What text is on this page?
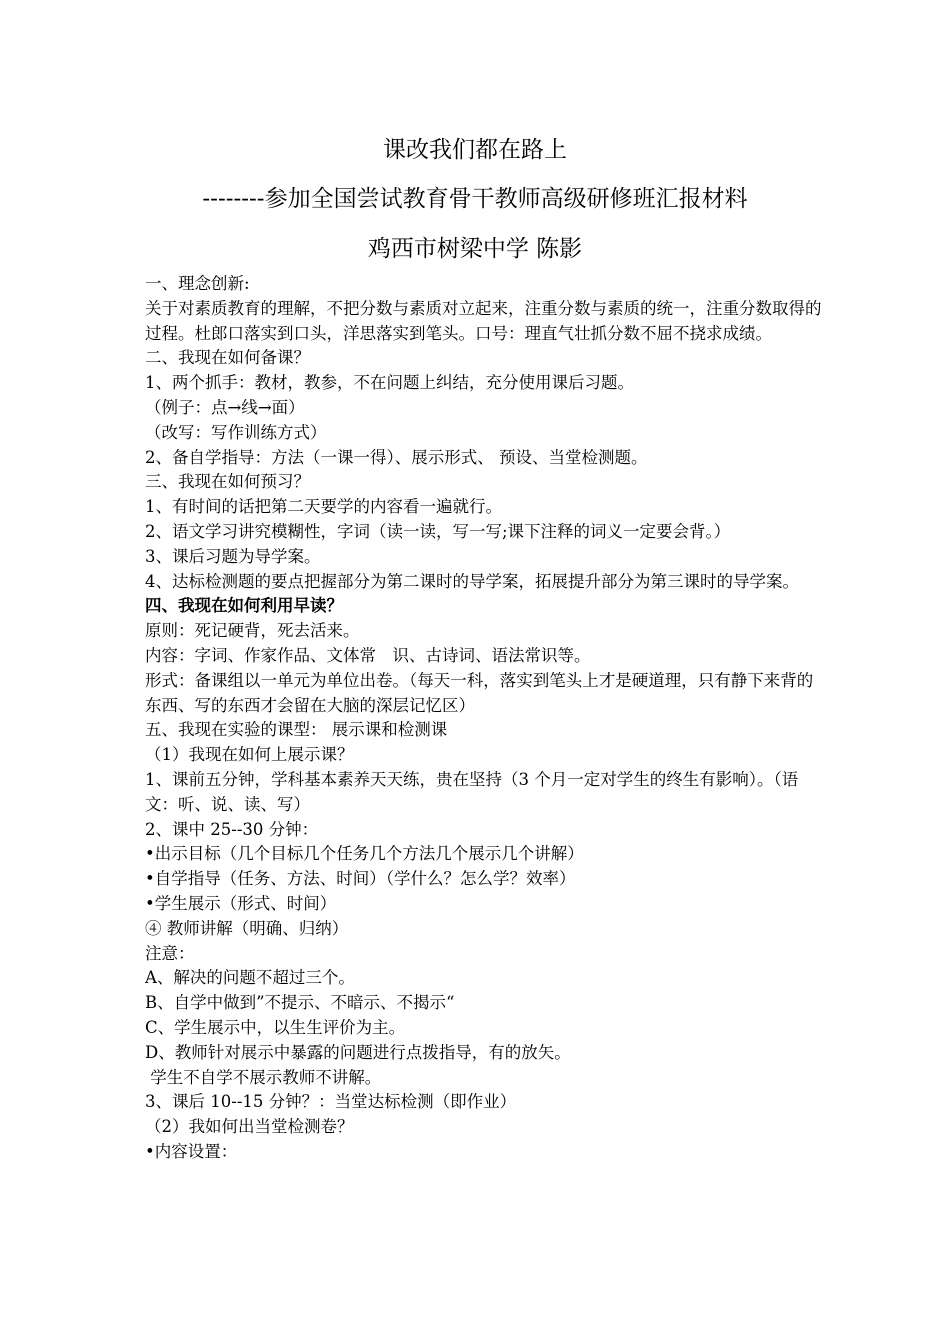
课改我们都在路上
--------参加全国尝试教育骨干教师高级研修班汇报材料
鸡西市树梁中学 陈影

一、理念创新:

关于对素质教育的理解，不把分数与素质对立起来，注重分数与素质的统一，注重分数取得的过程。杜郎口落实到口头，洋思落实到笔头。口号：理直气壮抓分数不屈不挠求成绩。

二、我现在如何备课？

1、两个抓手：教材，教参，不在问题上纠结，充分使用课后习题。

（例子：点→线→面）

（改写：写作训练方式）

2、备自学指导：方法（一课一得）、展示形式、 预设、当堂检测题。

三、我现在如何预习？

1、有时间的话把第二天要学的内容看一遍就行。

2、语文学习讲究模糊性，字词（读一读，写一写;课下注释的词义一定要会背。）

3、课后习题为导学案。

4、达标检测题的要点把握部分为第二课时的导学案，拓展提升部分为第三课时的导学案。

四、我现在如何利用早读？

原则：死记硬背，死去活来。

内容：字词、作家作品、文体常　识、古诗词、语法常识等。

形式：备课组以一单元为单位出卷。（每天一科，落实到笔头上才是硬道理，只有静下来背的东西、写的东西才会留在大脑的深层记忆区）

五、我现在实验的课型： 展示课和检测课

（1）我现在如何上展示课？

1、课前五分钟，学科基本素养天天练，贵在坚持（3 个月一定对学生的终生有影响）。（语文：听、说、读、写）

2、课中 25--30 分钟：

•出示目标（几个目标几个任务几个方法几个展示几个讲解）

•自学指导（任务、方法、时间）（学什么？怎么学？效率）

•学生展示（形式、时间）

④ 教师讲解（明确、归纳）

注意：

A、解决的问题不超过三个。

B、自学中做到”不提示、不暗示、不揭示“

C、学生展示中，以生生评价为主。

D、教师针对展示中暴露的问题进行点拨指导，有的放矢。

学生不自学不展示教师不讲解。

3、课后 10--15 分钟？：当堂达标检测（即作业）

（2）我如何出当堂检测卷？

•内容设置：
